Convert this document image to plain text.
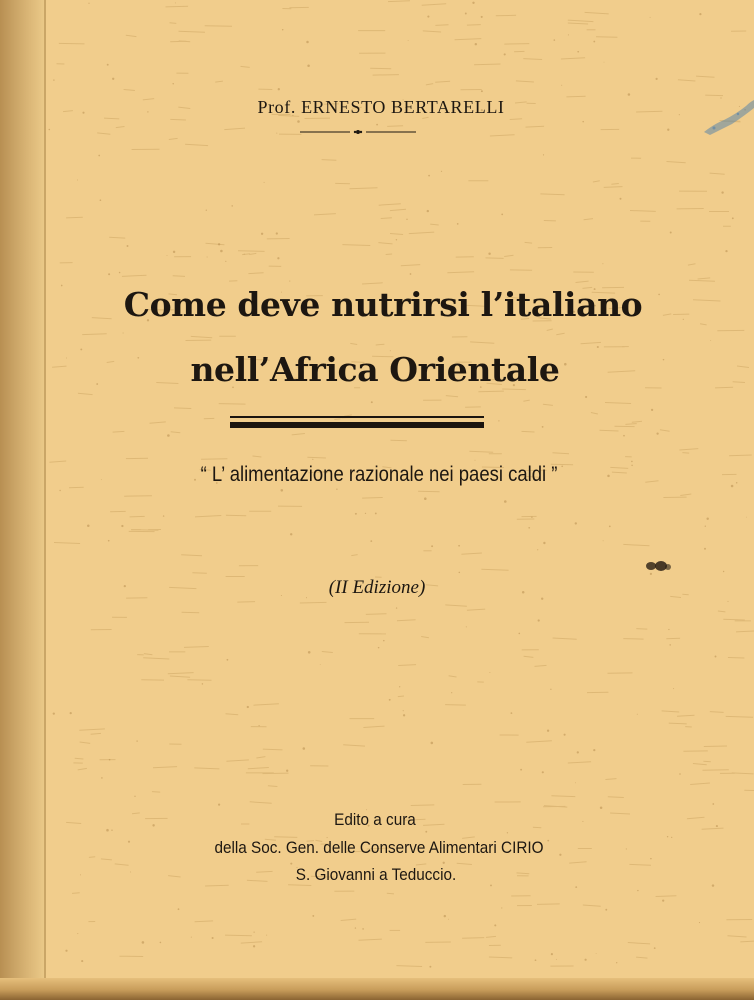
Prof. ERNESTO BERTARELLI
Come deve nutrirsi l’italiano
nell’Africa Orientale
“ L’ alimentazione razionale nei paesi caldi ”
(II Edizione)
Edito a cura
della Soc. Gen. delle Conserve Alimentari CIRIO
S. Giovanni a Teduccio.
